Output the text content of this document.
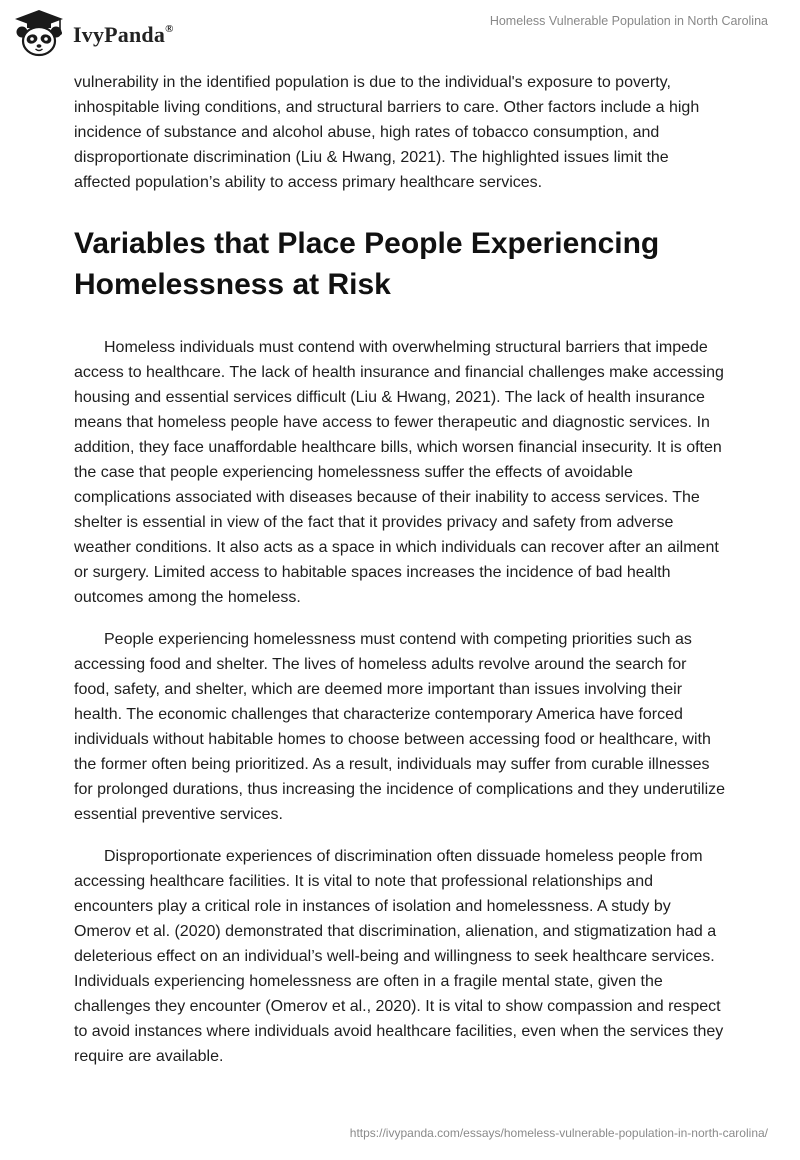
IvyPanda®
Homeless Vulnerable Population in North Carolina

vulnerability in the identified population is due to the individual's exposure to poverty, inhospitable living conditions, and structural barriers to care. Other factors include a high incidence of substance and alcohol abuse, high rates of tobacco consumption, and disproportionate discrimination (Liu & Hwang, 2021). The highlighted issues limit the affected population’s ability to access primary healthcare services.

Variables that Place People Experiencing Homelessness at Risk

Homeless individuals must contend with overwhelming structural barriers that impede access to healthcare. The lack of health insurance and financial challenges make accessing housing and essential services difficult (Liu & Hwang, 2021). The lack of health insurance means that homeless people have access to fewer therapeutic and diagnostic services. In addition, they face unaffordable healthcare bills, which worsen financial insecurity. It is often the case that people experiencing homelessness suffer the effects of avoidable complications associated with diseases because of their inability to access services. The shelter is essential in view of the fact that it provides privacy and safety from adverse weather conditions. It also acts as a space in which individuals can recover after an ailment or surgery. Limited access to habitable spaces increases the incidence of bad health outcomes among the homeless.

People experiencing homelessness must contend with competing priorities such as accessing food and shelter. The lives of homeless adults revolve around the search for food, safety, and shelter, which are deemed more important than issues involving their health. The economic challenges that characterize contemporary America have forced individuals without habitable homes to choose between accessing food or healthcare, with the former often being prioritized. As a result, individuals may suffer from curable illnesses for prolonged durations, thus increasing the incidence of complications and they underutilize essential preventive services.

Disproportionate experiences of discrimination often dissuade homeless people from accessing healthcare facilities. It is vital to note that professional relationships and encounters play a critical role in instances of isolation and homelessness. A study by Omerov et al. (2020) demonstrated that discrimination, alienation, and stigmatization had a deleterious effect on an individual’s well-being and willingness to seek healthcare services. Individuals experiencing homelessness are often in a fragile mental state, given the challenges they encounter (Omerov et al., 2020). It is vital to show compassion and respect to avoid instances where individuals avoid healthcare facilities, even when the services they require are available.

https://ivypanda.com/essays/homeless-vulnerable-population-in-north-carolina/
